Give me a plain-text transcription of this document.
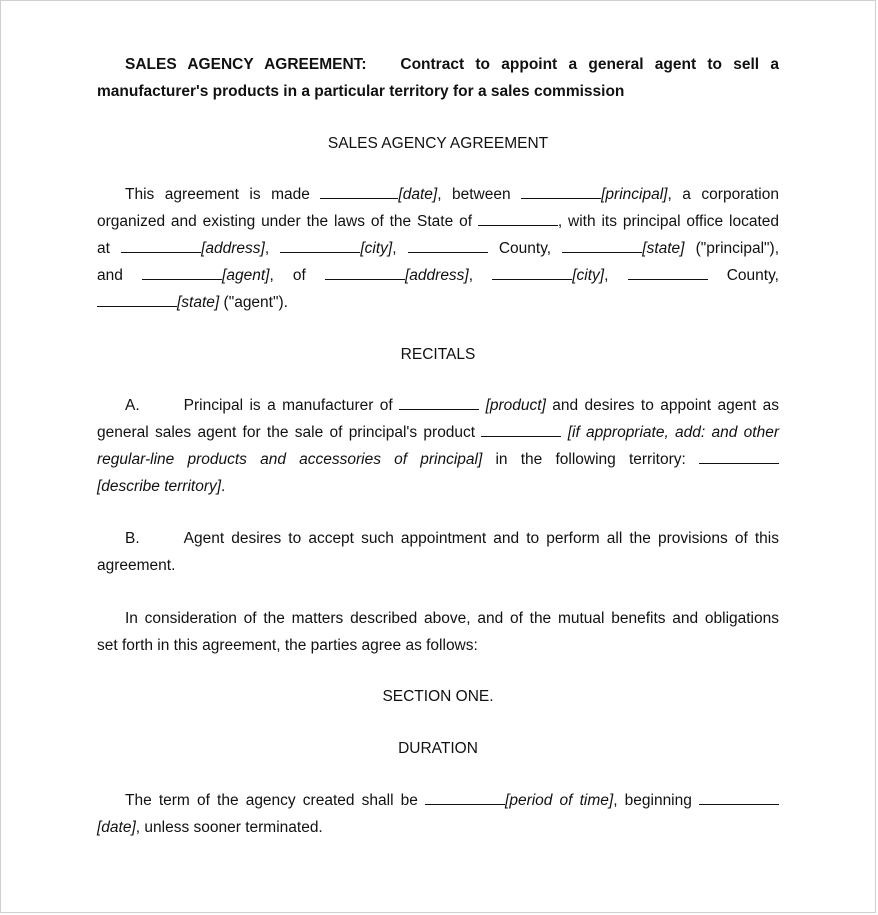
SALES AGENCY AGREEMENT: Contract to appoint a general agent to sell a

manufacturer's products in a particular territory for a sales commission

SALES AGENCY AGREEMENT

This agreement is made	[date], between	[principal], a corporation

organized and existing under the laws of the State of	, with its principal office located

at	[address],	[city],	County,	[state] ("principal"),

and	[agent], of	[address],	[city],	County,

[state] ("agent").

RECITALS

A.	Principal is a manufacturer of	[product] and desires to appoint agent as

general sales agent for the sale of principal's product	[if appropriate, add: and other

regular-line products and accessories of principal] in the following territory:

[describe territory].

B.	Agent desires to accept such appointment and to perform all the provisions of this

agreement.

In consideration of the matters described above, and of the mutual benefits and obligations

set forth in this agreement, the parties agree as follows:

SECTION ONE.

DURATION

The term of the agency created shall be	[period of time], beginning

[date], unless sooner terminated.
